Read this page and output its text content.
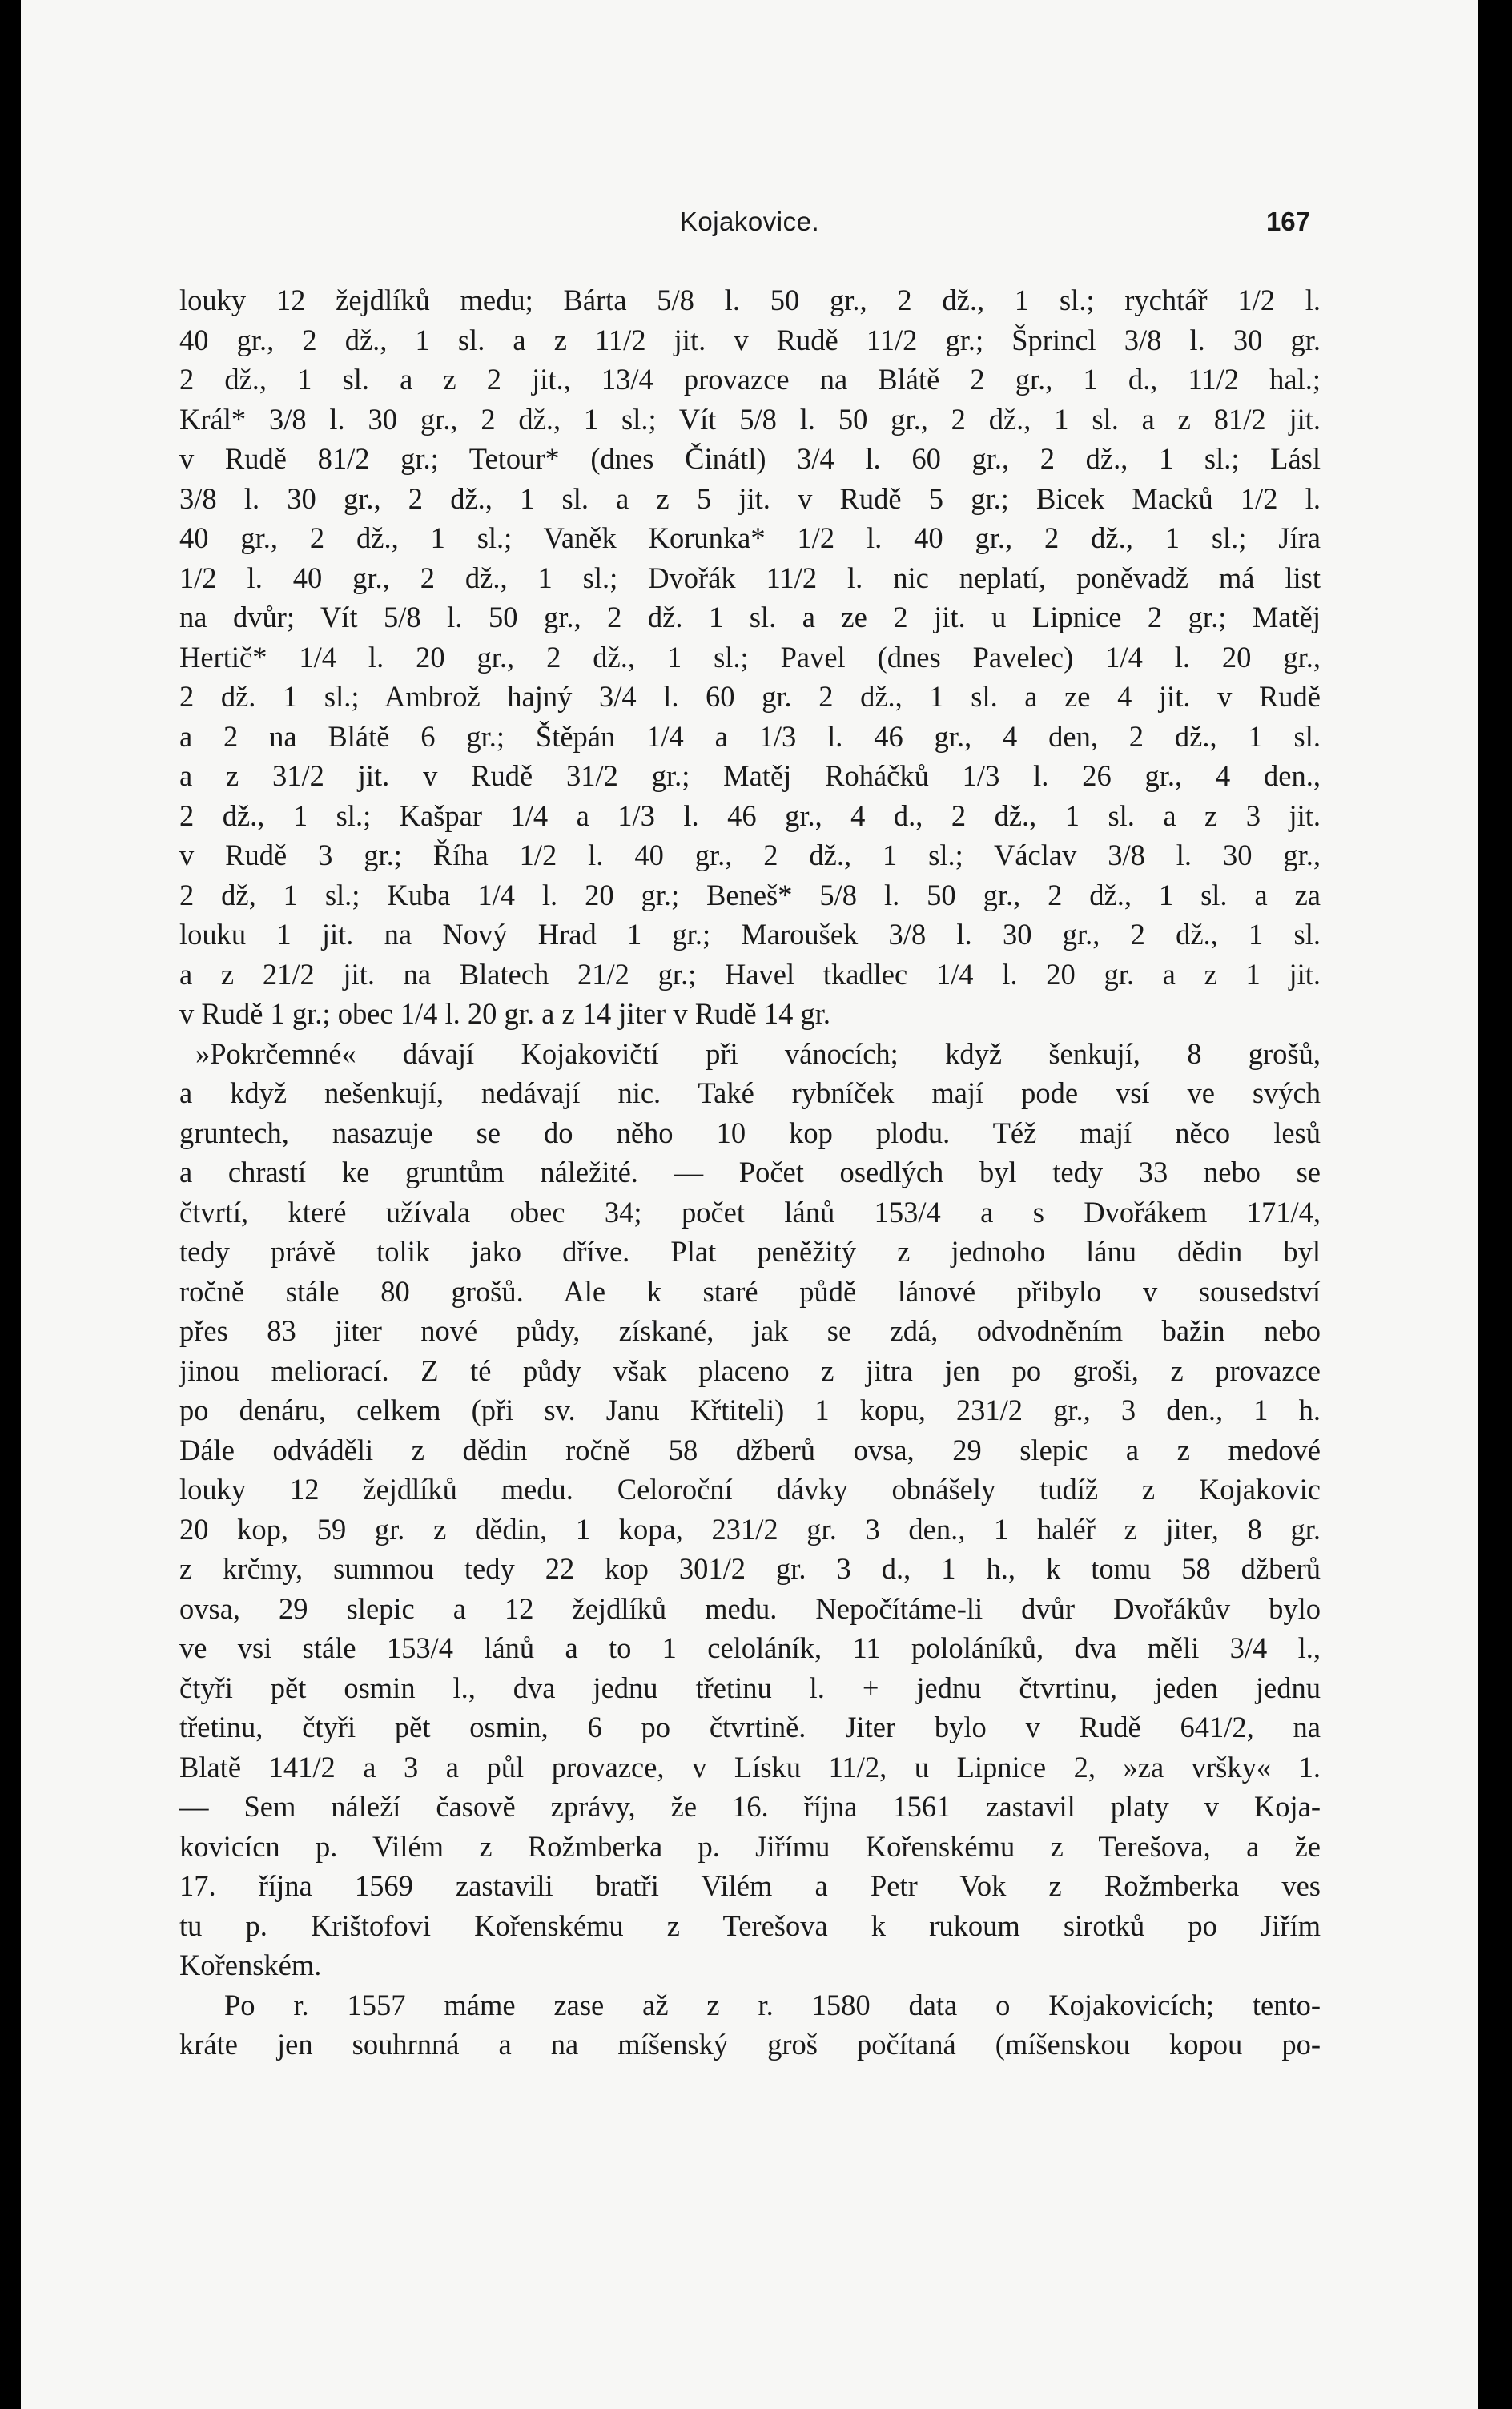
Kojakovice.	167
louky 12 žejdlíků medu; Bárta 5/8 l. 50 gr., 2 dž., 1 sl.; rychtář 1/2 l.
40 gr., 2 dž., 1 sl. a z 11/2 jit. v Rudě 11/2 gr.; Šprincl 3/8 l. 30 gr.
2 dž., 1 sl. a z 2 jit., 13/4 provazce na Blátě 2 gr., 1 d., 11/2 hal.;
Král* 3/8 l. 30 gr., 2 dž., 1 sl.; Vít 5/8 l. 50 gr., 2 dž., 1 sl. a z 81/2 jit.
v Rudě 81/2 gr.; Tetour* (dnes Činátl) 3/4 l. 60 gr., 2 dž., 1 sl.; Lásl
3/8 l. 30 gr., 2 dž., 1 sl. a z 5 jit. v Rudě 5 gr.; Bicek Macků 1/2 l.
40 gr., 2 dž., 1 sl.; Vaněk Korunka* 1/2 l. 40 gr., 2 dž., 1 sl.; Jíra
1/2 l. 40 gr., 2 dž., 1 sl.; Dvořák 11/2 l. nic neplatí, poněvadž má list
na dvůr; Vít 5/8 l. 50 gr., 2 dž. 1 sl. a ze 2 jit. u Lipnice 2 gr.; Matěj
Hertič* 1/4 l. 20 gr., 2 dž., 1 sl.; Pavel (dnes Pavelec) 1/4 l. 20 gr.,
2 dž. 1 sl.; Ambrož hajný 3/4 l. 60 gr. 2 dž., 1 sl. a ze 4 jit. v Rudě
a 2 na Blátě 6 gr.; Štěpán 1/4 a 1/3 l. 46 gr., 4 den, 2 dž., 1 sl.
a z 31/2 jit. v Rudě 31/2 gr.; Matěj Roháčků 1/3 l. 26 gr., 4 den.,
2 dž., 1 sl.; Kašpar 1/4 a 1/3 l. 46 gr., 4 d., 2 dž., 1 sl. a z 3 jit.
v Rudě 3 gr.; Říha 1/2 l. 40 gr., 2 dž., 1 sl.; Václav 3/8 l. 30 gr.,
2 dž, 1 sl.; Kuba 1/4 l. 20 gr.; Beneš* 5/8 l. 50 gr., 2 dž., 1 sl. a za
louku 1 jit. na Nový Hrad 1 gr.; Maroušek 3/8 l. 30 gr., 2 dž., 1 sl.
a z 21/2 jit. na Blatech 21/2 gr.; Havel tkadlec 1/4 l. 20 gr. a z 1 jit.
v Rudě 1 gr.; obec 1/4 l. 20 gr. a z 14 jiter v Rudě 14 gr.
»Pokrčemné« dávají Kojakovičtí při vánocích; když šenkují, 8 grošů,
a když nešenkují, nedávají nic. Také rybníček mají pode vsí ve svých
gruntech, nasazuje se do něho 10 kop plodu. Též mají něco lesů
a chrastí ke gruntům náležité. — Počet osedlých byl tedy 33 nebo se
čtvrtí, které užívala obec 34; počet lánů 153/4 a s Dvořákem 171/4,
tedy právě tolik jako dříve. Plat peněžitý z jednoho lánu dědin byl
ročně stále 80 grošů. Ale k staré půdě lánové přibylo v sousedství
přes 83 jiter nové půdy, získané, jak se zdá, odvodněním bažin nebo
jinou meliorací. Z té půdy však placeno z jitra jen po groši, z provazce
po denáru, celkem (při sv. Janu Křtiteli) 1 kopu, 231/2 gr., 3 den., 1 h.
Dále odváděli z dědin ročně 58 džberů ovsa, 29 slepic a z medové
louky 12 žejdlíků medu. Celoroční dávky obnášely tudíž z Kojakovic
20 kop, 59 gr. z dědin, 1 kopa, 231/2 gr. 3 den., 1 haléř z jiter, 8 gr.
z krčmy, summou tedy 22 kop 301/2 gr. 3 d., 1 h., k tomu 58 džberů
ovsa, 29 slepic a 12 žejdlíků medu. Nepočítáme-li dvůr Dvořákův bylo
ve vsi stále 153/4 lánů a to 1 celoláník, 11 pololáníků, dva měli 3/4 l.,
čtyři pět osmin l., dva jednu třetinu l. + jednu čtvrtinu, jeden jednu
třetinu, čtyři pět osmin, 6 po čtvrtině. Jiter bylo v Rudě 641/2, na
Blatě 141/2 a 3 a půl provazce, v Lísku 11/2, u Lipnice 2, »za vršky« 1.
— Sem náleží časově zprávy, že 16. října 1561 zastavil platy v Koja-
kovicícn p. Vilém z Rožmberka p. Jiřímu Kořenskému z Terešova, a že
17. října 1569 zastavili bratři Vilém a Petr Vok z Rožmberka ves
tu p. Krištofovi Kořenskému z Terešova k rukoum sirotků po Jiřím
Kořenském.
Po r. 1557 máme zase až z r. 1580 data o Kojakovicích; tento-
kráte jen souhrnná a na míšenský groš počítaná (míšenskou kopou po-
